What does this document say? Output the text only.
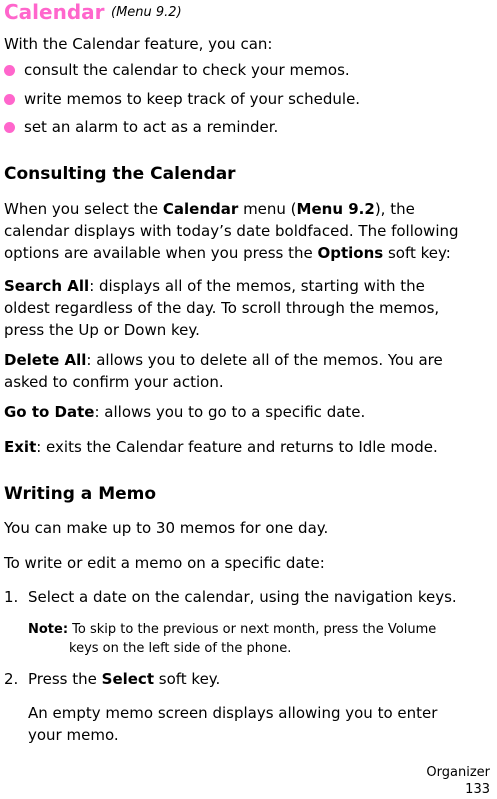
Calendar (Menu 9.2)
With the Calendar feature, you can:
consult the calendar to check your memos.
write memos to keep track of your schedule.
set an alarm to act as a reminder.
Consulting the Calendar
When you select the Calendar menu (Menu 9.2), the
calendar displays with today’s date boldfaced. The following
options are available when you press the Options soft key:
Search All: displays all of the memos, starting with the
oldest regardless of the day. To scroll through the memos,
press the Up or Down key.
Delete All: allows you to delete all of the memos. You are
asked to confirm your action.
Go to Date: allows you to go to a specific date.
Exit: exits the Calendar feature and returns to Idle mode.
Writing a Memo
You can make up to 30 memos for one day.
To write or edit a memo on a specific date:
1. Select a date on the calendar, using the navigation keys.
Note: To skip to the previous or next month, press the Volume
keys on the left side of the phone.
2. Press the Select soft key.
An empty memo screen displays allowing you to enter
your memo.
Organizer
133
